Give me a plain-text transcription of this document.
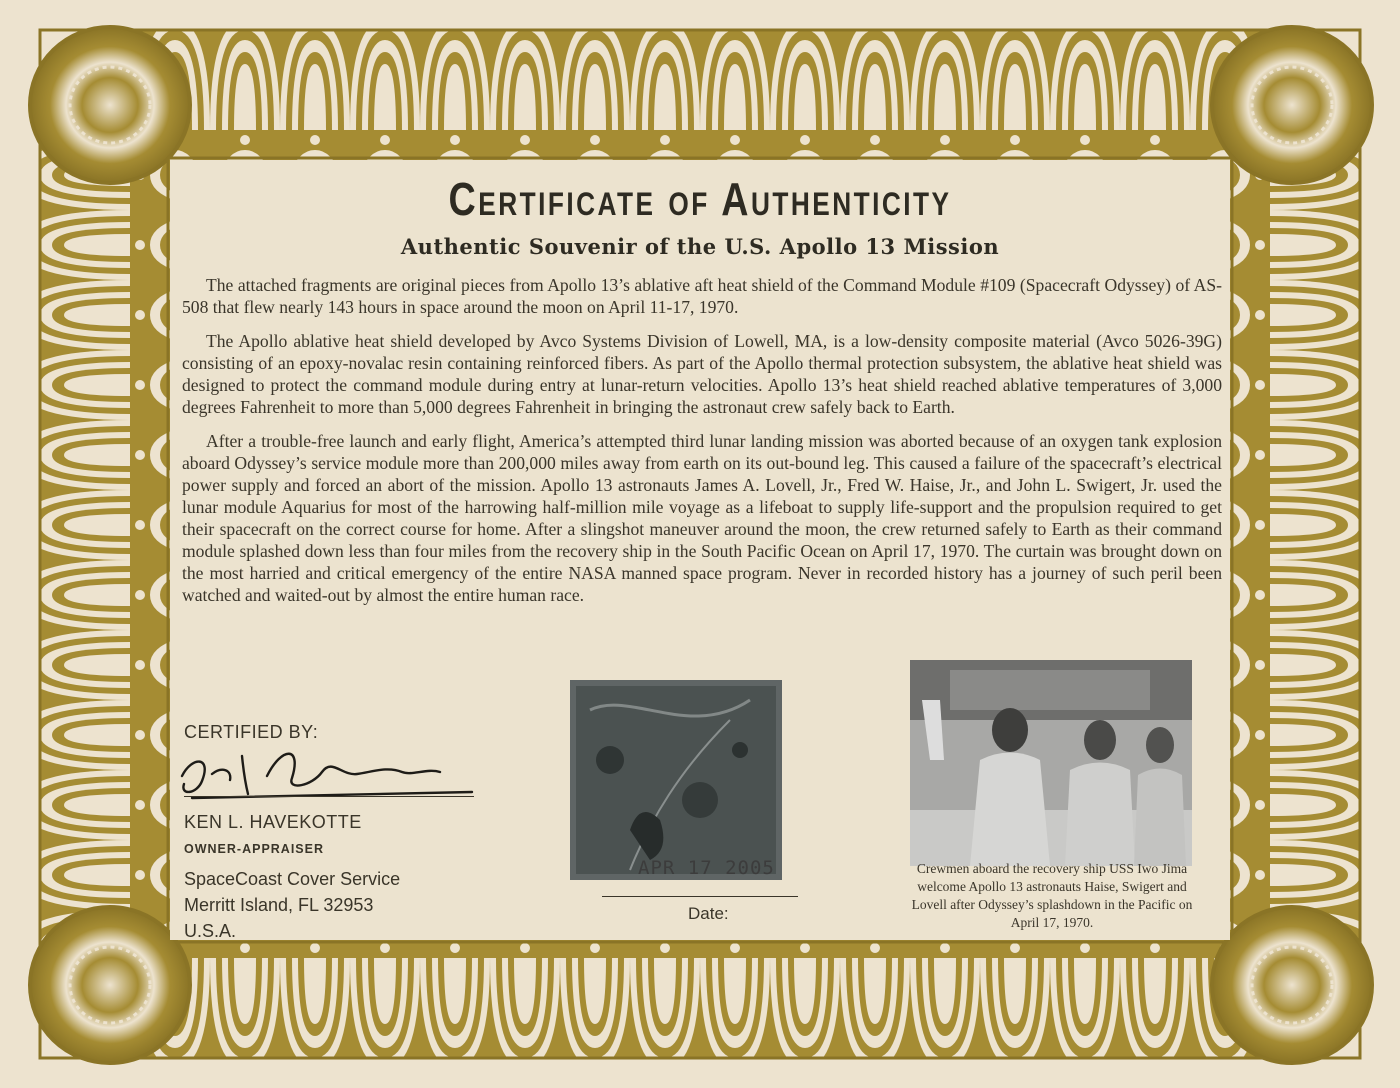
Certificate of Authenticity
Authentic Souvenir of the U.S. Apollo 13 Mission

The attached fragments are original pieces from Apollo 13’s ablative aft heat shield of the Command Module #109 (Spacecraft Odyssey) of AS-508 that flew nearly 143 hours in space around the moon on April 11-17, 1970.

The Apollo ablative heat shield developed by Avco Systems Division of Lowell, MA, is a low-density composite material (Avco 5026-39G) consisting of an epoxy-novalac resin containing reinforced fibers. As part of the Apollo thermal protection subsystem, the ablative heat shield was designed to protect the command module during entry at lunar-return velocities. Apollo 13’s heat shield reached ablative temperatures of 3,000 degrees Fahrenheit to more than 5,000 degrees Fahrenheit in bringing the astronaut crew safely back to Earth.

After a trouble-free launch and early flight, America’s attempted third lunar landing mission was aborted because of an oxygen tank explosion aboard Odyssey’s service module more than 200,000 miles away from earth on its out-bound leg. This caused a failure of the spacecraft’s electrical power supply and forced an abort of the mission. Apollo 13 astronauts James A. Lovell, Jr., Fred W. Haise, Jr., and John L. Swigert, Jr. used the lunar module Aquarius for most of the harrowing half-million mile voyage as a lifeboat to supply life-support and the propulsion required to get their spacecraft on the correct course for home. After a slingshot maneuver around the moon, the crew returned safely to Earth as their command module splashed down less than four miles from the recovery ship in the South Pacific Ocean on April 17, 1970. The curtain was brought down on the most harried and critical emergency of the entire NASA manned space program. Never in recorded history has a journey of such peril been watched and waited-out by almost the entire human race.

CERTIFIED BY:
KEN L. HAVEKOTTE
OWNER-APPRAISER
SpaceCoast Cover Service
Merritt Island, FL 32953
U.S.A.
APR 17 2005
Date:
Crewmen aboard the recovery ship USS Iwo Jima welcome Apollo 13 astronauts Haise, Swigert and Lovell after Odyssey’s splashdown in the Pacific on April 17, 1970.
